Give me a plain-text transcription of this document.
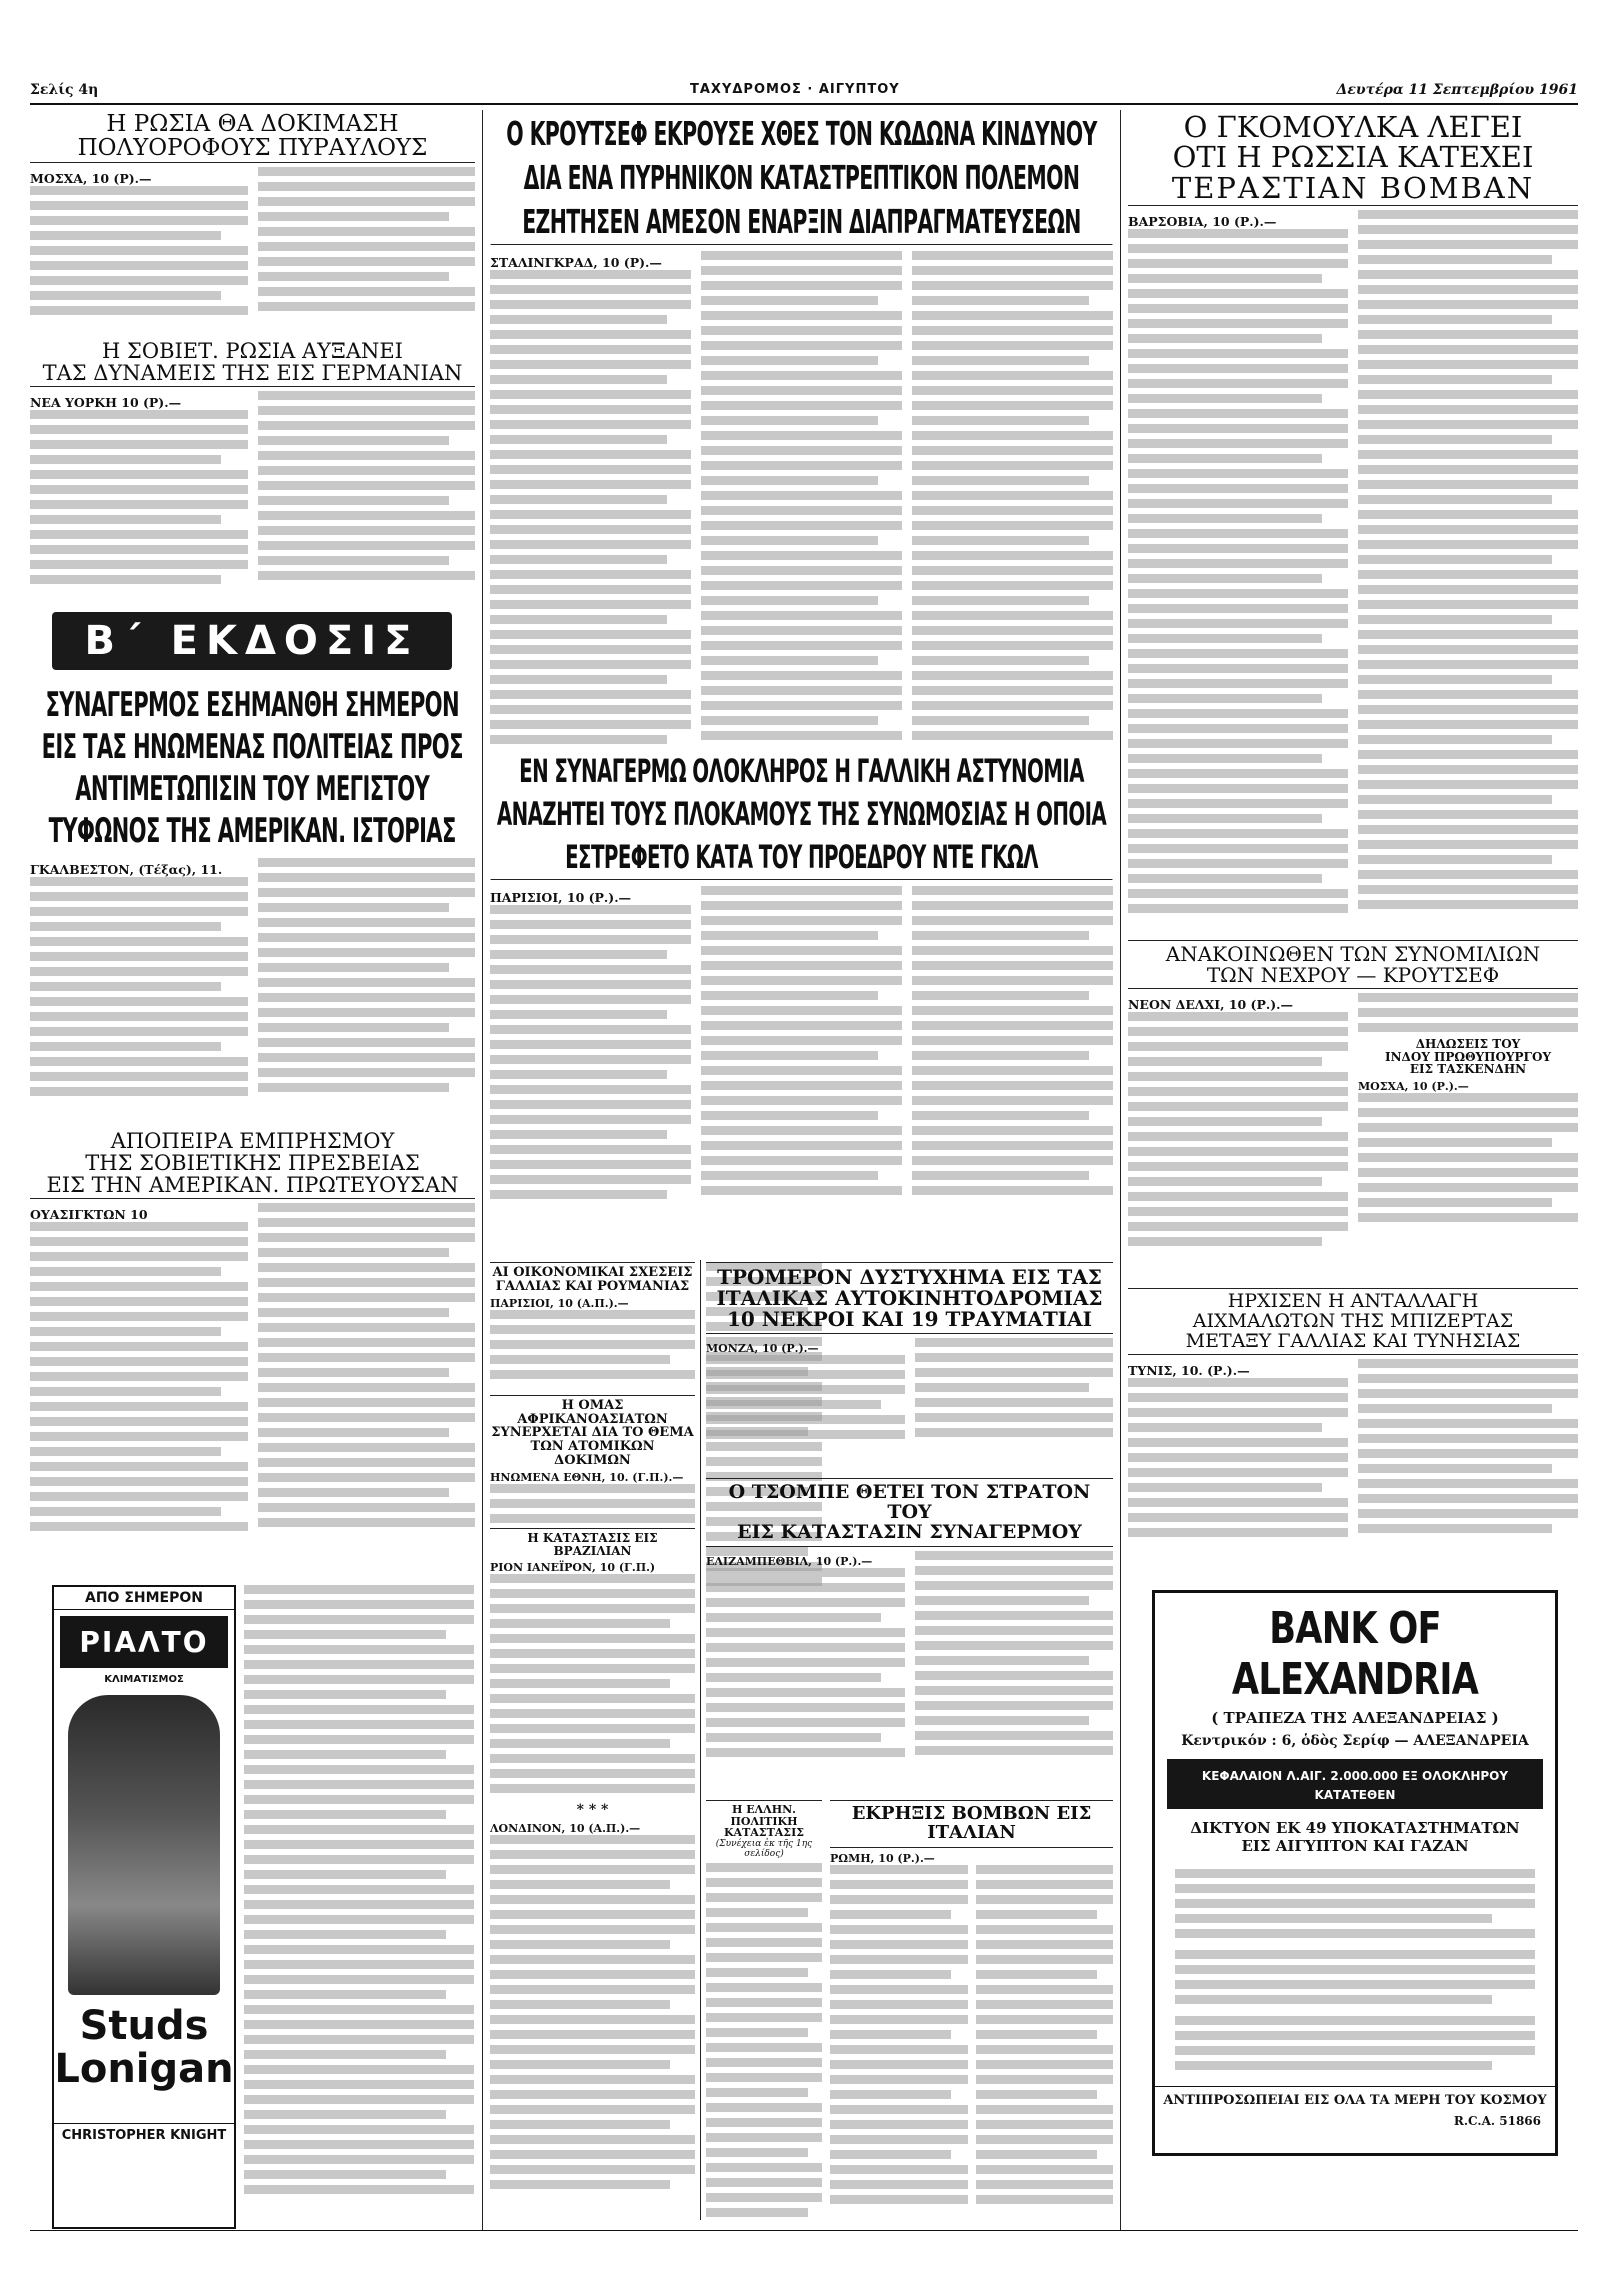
Σελίς 4η	ΤΑΧΥΔΡΟΜΟΣ · ΑΙΓΥΠΤΟΥ	Δευτέρα 11 Σεπτεμβρίου 1961
Η ΡΩΣΙΑ ΘΑ ΔΟΚΙΜΑΣΗ
ΠΟΛΥΟΡΟΦΟΥΣ ΠΥΡΑΥΛΟΥΣ
ΜΟΣΧΑ, 10 (Ρ).—
Η ΣΟΒΙΕΤ. ΡΩΣΙΑ ΑΥΞΑΝΕΙ
ΤΑΣ ΔΥΝΑΜΕΙΣ ΤΗΣ ΕΙΣ ΓΕΡΜΑΝΙΑΝ
ΝΕΑ ΥΟΡΚΗ 10 (Ρ).—
Β΄ ΕΚΔΟΣΙΣ
ΣΥΝΑΓΕΡΜΟΣ ΕΣΗΜΑΝΘΗ ΣΗΜΕΡΟΝ ΕΙΣ ΤΑΣ ΗΝΩΜΕΝΑΣ ΠΟΛΙΤΕΙΑΣ ΠΡΟΣ ΑΝΤΙΜΕΤΩΠΙΣΙΝ ΤΟΥ ΜΕΓΙΣΤΟΥ ΤΥΦΩΝΟΣ ΤΗΣ ΑΜΕΡΙΚΑΝ. ΙΣΤΟΡΙΑΣ
ΓΚΑΛΒΕΣΤΟΝ, (Τέξας), 11.
ΑΠΟΠΕΙΡΑ ΕΜΠΡΗΣΜΟΥ
ΤΗΣ ΣΟΒΙΕΤΙΚΗΣ ΠΡΕΣΒΕΙΑΣ
ΕΙΣ ΤΗΝ ΑΜΕΡΙΚΑΝ. ΠΡΩΤΕΥΟΥΣΑΝ
ΟΥΑΣΙΓΚΤΩΝ 10
ΑΠΟ ΣΗΜΕΡΟΝ
ΡΙΑΛΤΟ
ΚΛΙΜΑΤΙΣΜΟΣ
Studs
Lonigan
CHRISTOPHER KNIGHT
Ο ΚΡΟΥΤΣΕΦ ΕΚΡΟΥΣΕ ΧΘΕΣ ΤΟΝ ΚΩΔΩΝΑ ΚΙΝΔΥΝΟΥ ΔΙΑ ΕΝΑ ΠΥΡΗΝΙΚΟΝ ΚΑΤΑΣΤΡΕΠΤΙΚΟΝ ΠΟΛΕΜΟΝ ΕΖΗΤΗΣΕΝ ΑΜΕΣΟΝ ΕΝΑΡΞΙΝ ΔΙΑΠΡΑΓΜΑΤΕΥΣΕΩΝ
ΣΤΑΛΙΝΓΚΡΑΔ, 10 (Ρ).—
ΕΝ ΣΥΝΑΓΕΡΜΩ ΟΛΟΚΛΗΡΟΣ Η ΓΑΛΛΙΚΗ ΑΣΤΥΝΟΜΙΑ ΑΝΑΖΗΤΕΙ ΤΟΥΣ ΠΛΟΚΑΜΟΥΣ ΤΗΣ ΣΥΝΩΜΟΣΙΑΣ Η ΟΠΟΙΑ ΕΣΤΡΕΦΕΤΟ ΚΑΤΑ ΤΟΥ ΠΡΟΕΔΡΟΥ ΝΤΕ ΓΚΩΛ
ΠΑΡΙΣΙΟΙ, 10 (Ρ.).—
ΑΙ ΟΙΚΟΝΟΜΙΚΑΙ ΣΧΕΣΕΙΣ
ΓΑΛΛΙΑΣ ΚΑΙ ΡΟΥΜΑΝΙΑΣ
ΠΑΡΙΣΙΟΙ, 10 (Α.Π.).—
Η ΟΜΑΣ ΑΦΡΙΚΑΝΟΑΣΙΑΤΩΝ
ΣΥΝΕΡΧΕΤΑΙ ΔΙΑ ΤΟ ΘΕΜΑ
ΤΩΝ ΑΤΟΜΙΚΩΝ ΔΟΚΙΜΩΝ
ΗΝΩΜΕΝΑ ΕΘΝΗ, 10. (Γ.Π.).—
Η ΚΑΤΑΣΤΑΣΙΣ ΕΙΣ ΒΡΑΖΙΛΙΑΝ
ΡΙΟΝ ΙΑΝΕΪΡΟΝ, 10 (Γ.Π.)
* * *
ΛΟΝΔΙΝΟΝ, 10 (Α.Π.).—
ΤΡΟΜΕΡΟΝ ΔΥΣΤΥΧΗΜΑ ΕΙΣ ΤΑΣ
ΙΤΑΛΙΚΑΣ ΑΥΤΟΚΙΝΗΤΟΔΡΟΜΙΑΣ
10 ΝΕΚΡΟΙ ΚΑΙ 19 ΤΡΑΥΜΑΤΙΑΙ
ΜΟΝΖΑ, 10 (Ρ.).—
Ο ΤΣΟΜΠΕ ΘΕΤΕΙ ΤΟΝ ΣΤΡΑΤΟΝ ΤΟΥ
ΕΙΣ ΚΑΤΑΣΤΑΣΙΝ ΣΥΝΑΓΕΡΜΟΥ
ΕΛΙΖΑΜΠΕΘΒΙΛ, 10 (Ρ.).—
Η ΕΛΛΗΝ. ΠΟΛΙΤΙΚΗ ΚΑΤΑΣΤΑΣΙΣ
(Συνέχεια ἐκ τῆς 1ης σελίδος)
ΕΚΡΗΞΙΣ ΒΟΜΒΩΝ ΕΙΣ ΙΤΑΛΙΑΝ
ΡΩΜΗ, 10 (Ρ.).—
Ο ΓΚΟΜΟΥΛΚΑ ΛΕΓΕΙ
ΟΤΙ Η ΡΩΣΣΙΑ ΚΑΤΕΧΕΙ
ΤΕΡΑΣΤΙΑΝ ΒΟΜΒΑΝ
ΒΑΡΣΟΒΙΑ, 10 (Ρ.).—
ΑΝΑΚΟΙΝΩΘΕΝ ΤΩΝ ΣΥΝΟΜΙΛΙΩΝ
ΤΩΝ ΝΕΧΡΟΥ — ΚΡΟΥΤΣΕΦ
ΝΕΟΝ ΔΕΛΧΙ, 10 (Ρ.).—
ΔΗΛΩΣΕΙΣ ΤΟΥ
ΙΝΔΟΥ ΠΡΩΘΥΠΟΥΡΓΟΥ
ΕΙΣ ΤΑΣΚΕΝΔΗΝ
ΜΟΣΧΑ, 10 (Ρ.).—
ΗΡΧΙΣΕΝ Η ΑΝΤΑΛΛΑΓΗ
ΑΙΧΜΑΛΩΤΩΝ ΤΗΣ ΜΠΙΖΕΡΤΑΣ
ΜΕΤΑΞΥ ΓΑΛΛΙΑΣ ΚΑΙ ΤΥΝΗΣΙΑΣ
ΤΥΝΙΣ, 10. (Ρ.).—
BANK OF ALEXANDRIA
( ΤΡΑΠΕΖΑ ΤΗΣ ΑΛΕΞΑΝΔΡΕΙΑΣ )
Κεντρικόν : 6, ὁδὸς Σερίφ — ΑΛΕΞΑΝΔΡΕΙΑ
ΚΕΦΑΛΑΙΟΝ Λ.ΑΙΓ. 2.000.000 ΕΞ ΟΛΟΚΛΗΡΟΥ ΚΑΤΑΤΕΘΕΝ
ΔΙΚΤΥΟΝ ΕΚ 49 ΥΠΟΚΑΤΑΣΤΗΜΑΤΩΝ
ΕΙΣ ΑΙΓΥΠΤΟΝ ΚΑΙ ΓΑΖΑΝ
ΑΝΤΙΠΡΟΣΩΠΕΙΑΙ ΕΙΣ ΟΛΑ ΤΑ ΜΕΡΗ ΤΟΥ ΚΟΣΜΟΥ
R.C.A. 51866
